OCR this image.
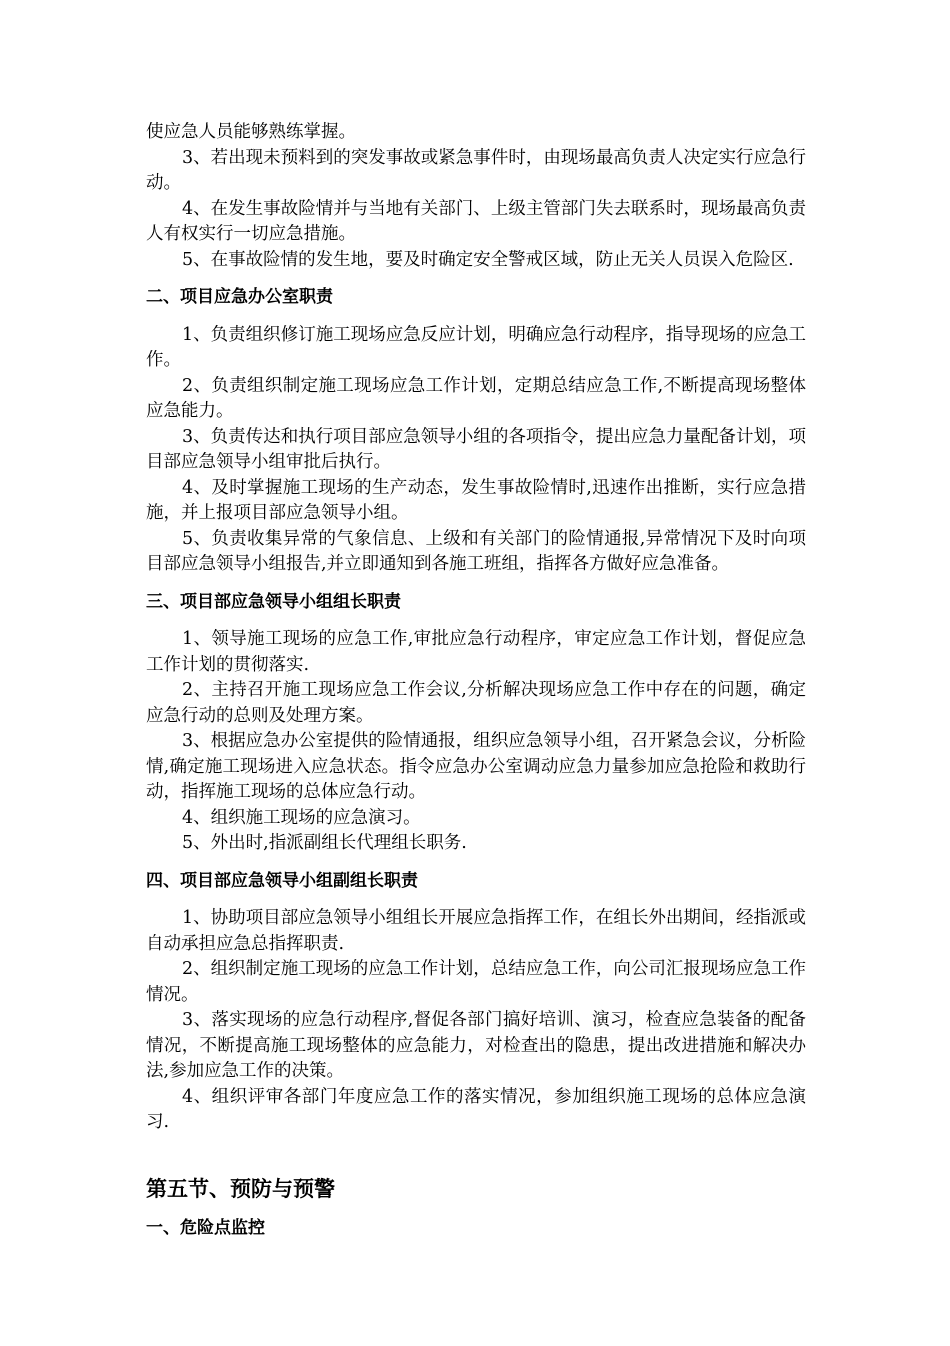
使应急人员能够熟练掌握。

3、若出现未预料到的突发事故或紧急事件时，由现场最高负责人决定实行应急行动。

4、在发生事故险情并与当地有关部门、上级主管部门失去联系时，现场最高负责人有权实行一切应急措施。

5、在事故险情的发生地，要及时确定安全警戒区域，防止无关人员误入危险区.

二、项目应急办公室职责

1、负责组织修订施工现场应急反应计划，明确应急行动程序，指导现场的应急工作。

2、负责组织制定施工现场应急工作计划，定期总结应急工作,不断提高现场整体应急能力。

3、负责传达和执行项目部应急领导小组的各项指令，提出应急力量配备计划，项目部应急领导小组审批后执行。

4、及时掌握施工现场的生产动态，发生事故险情时,迅速作出推断，实行应急措施，并上报项目部应急领导小组。

5、负责收集异常的气象信息、上级和有关部门的险情通报,异常情况下及时向项目部应急领导小组报告,并立即通知到各施工班组，指挥各方做好应急准备。

三、项目部应急领导小组组长职责

1、领导施工现场的应急工作,审批应急行动程序，审定应急工作计划，督促应急工作计划的贯彻落实.

2、主持召开施工现场应急工作会议,分析解决现场应急工作中存在的问题，确定应急行动的总则及处理方案。

3、根据应急办公室提供的险情通报，组织应急领导小组，召开紧急会议，分析险情,确定施工现场进入应急状态。指令应急办公室调动应急力量参加应急抢险和救助行动，指挥施工现场的总体应急行动。

4、组织施工现场的应急演习。

5、外出时,指派副组长代理组长职务.

四、项目部应急领导小组副组长职责

1、协助项目部应急领导小组组长开展应急指挥工作，在组长外出期间，经指派或自动承担应急总指挥职责.

2、组织制定施工现场的应急工作计划，总结应急工作，向公司汇报现场应急工作情况。

3、落实现场的应急行动程序,督促各部门搞好培训、演习，检查应急装备的配备情况，不断提高施工现场整体的应急能力，对检查出的隐患，提出改进措施和解决办法,参加应急工作的决策。

4、组织评审各部门年度应急工作的落实情况，参加组织施工现场的总体应急演习.

第五节、预防与预警

一、危险点监控
